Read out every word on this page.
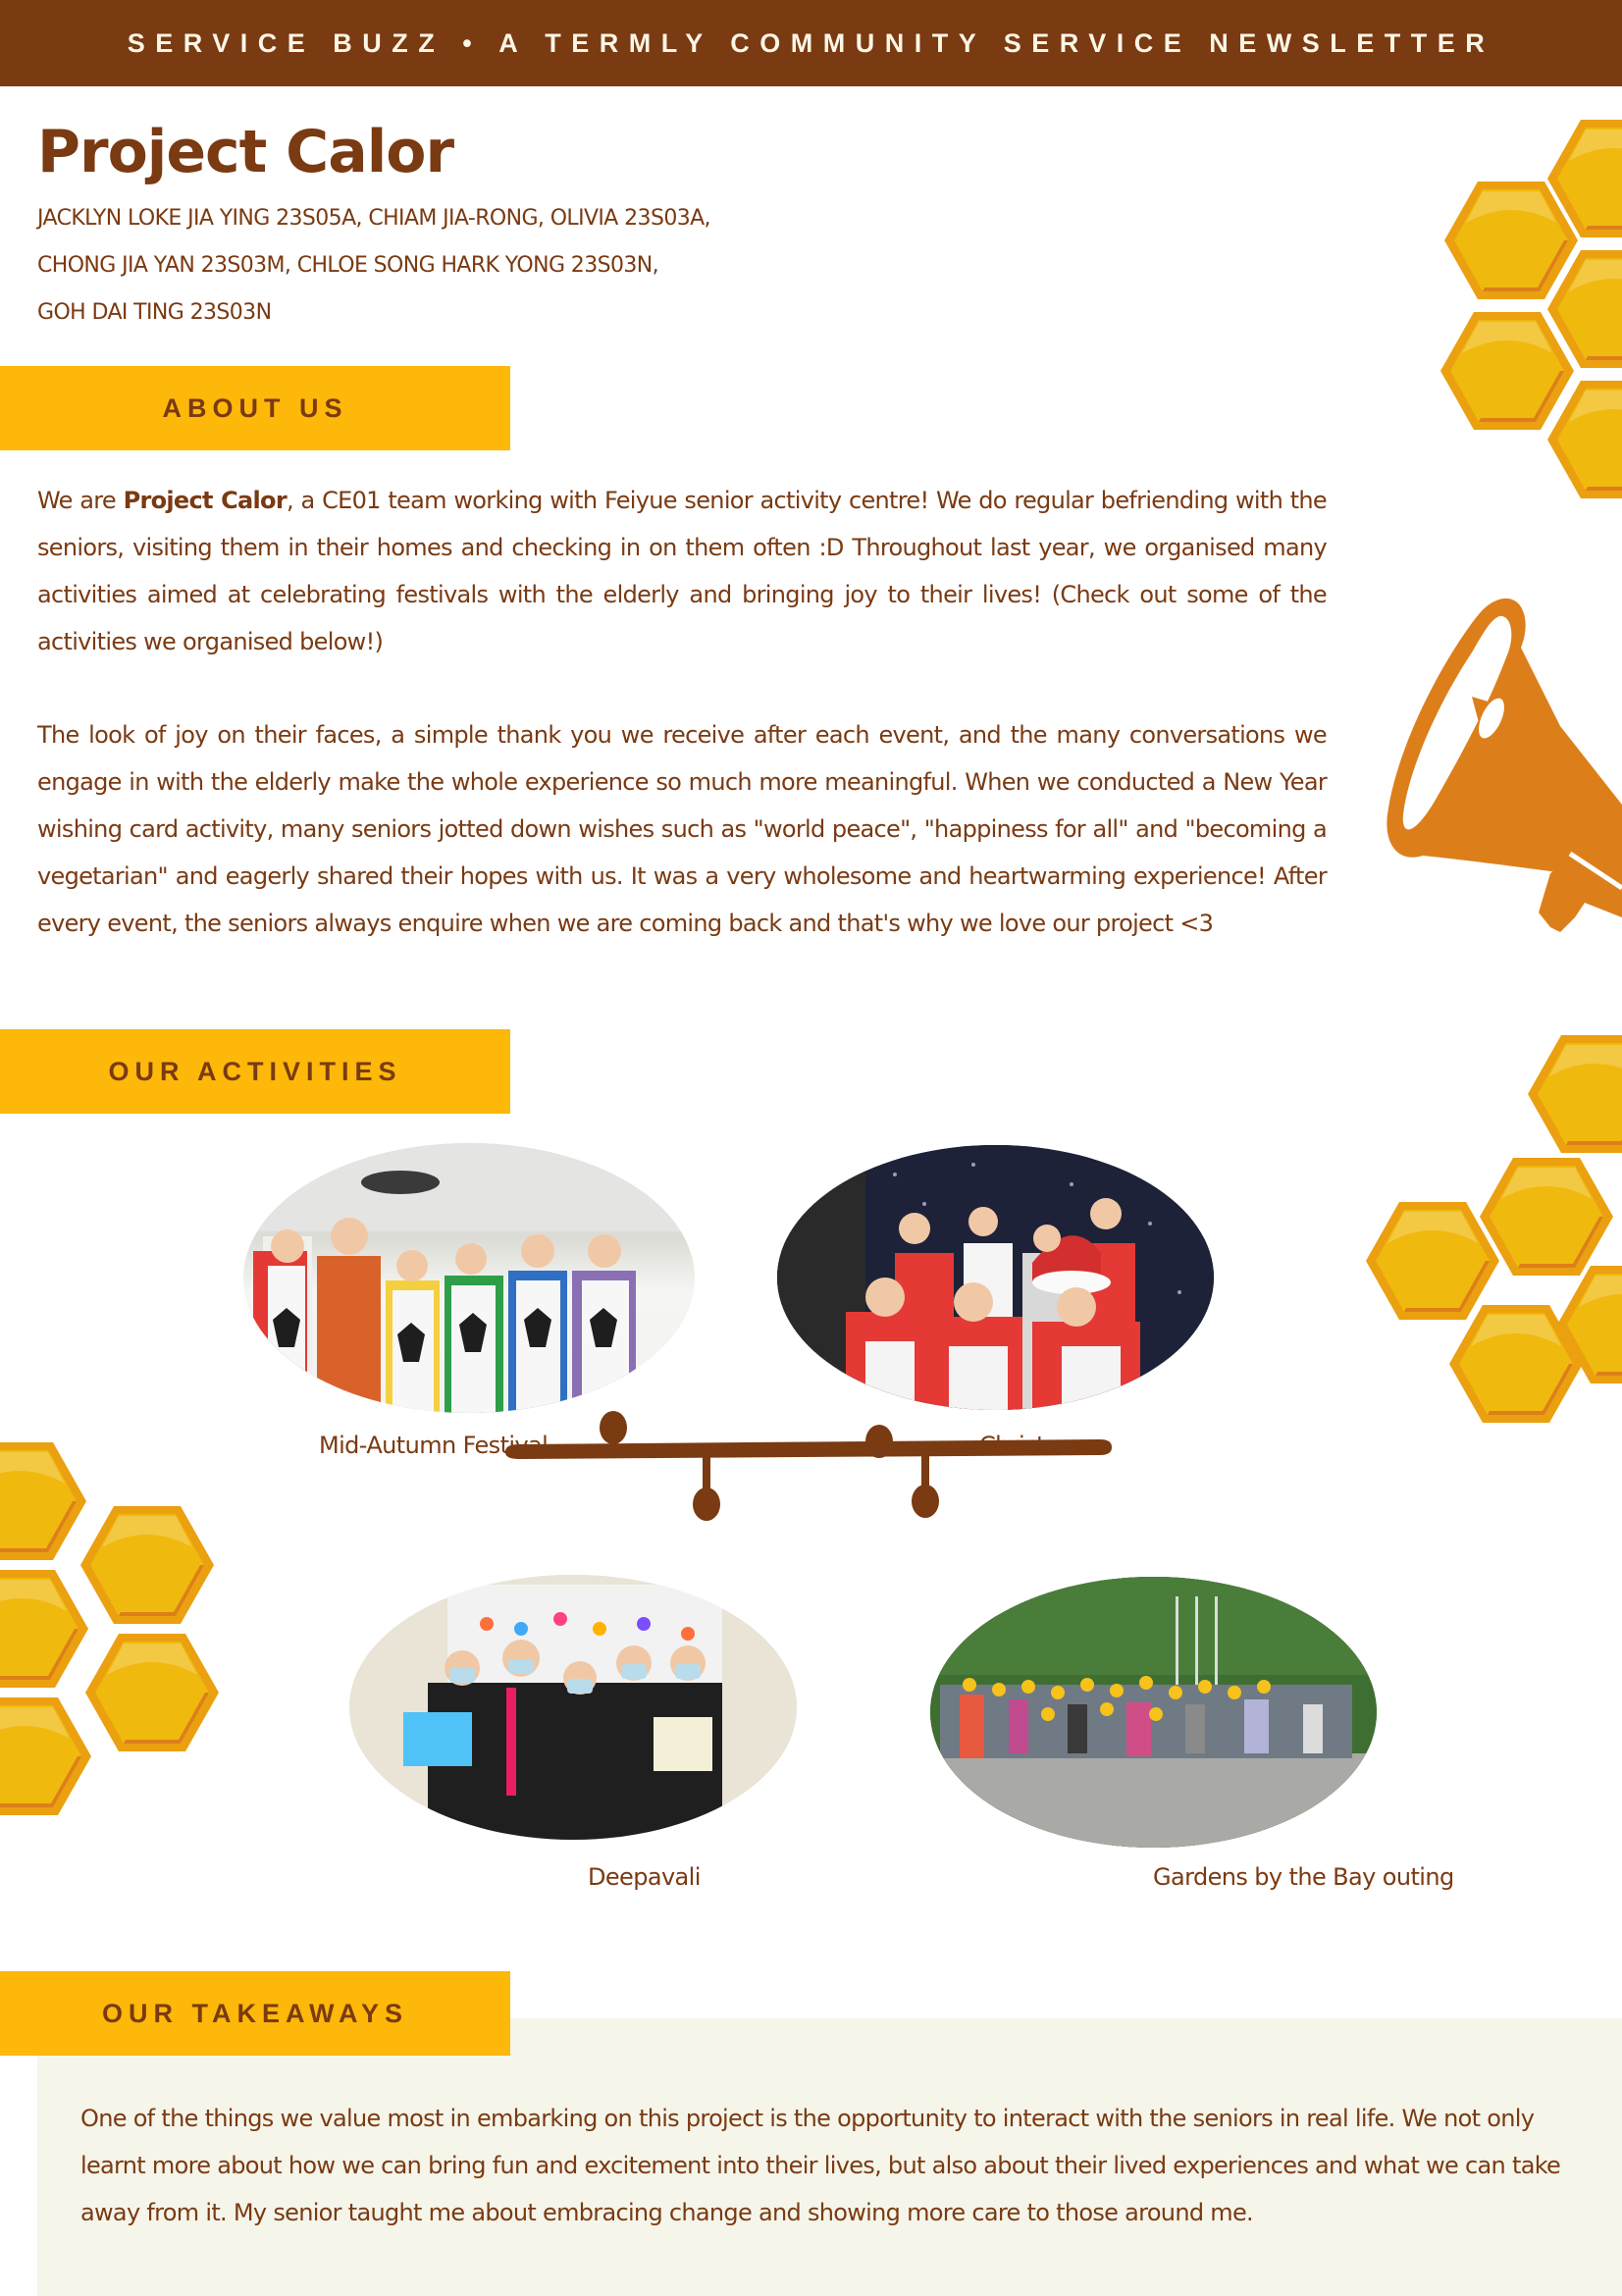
SERVICE BUZZ • A TERMLY COMMUNITY SERVICE NEWSLETTER
Project Calor
JACKLYN LOKE JIA YING 23S05A, CHIAM JIA-RONG, OLIVIA 23S03A,
CHONG JIA YAN 23S03M, CHLOE SONG HARK YONG 23S03N,
GOH DAI TING 23S03N
ABOUT US
We are Project Calor, a CE01 team working with Feiyue senior activity centre! We do regular befriending with the seniors, visiting them in their homes and checking in on them often :D Throughout last year, we organised many activities aimed at celebrating festivals with the elderly and bringing joy to their lives! (Check out some of the activities we organised below!)
The look of joy on their faces, a simple thank you we receive after each event, and the many conversations we engage in with the elderly make the whole experience so much more meaningful. When we conducted a New Year wishing card activity, many seniors jotted down wishes such as "world peace", "happiness for all" and "becoming a vegetarian" and eagerly shared their hopes with us. It was a very wholesome and heartwarming experience! After every event, the seniors always enquire when we are coming back and that's why we love our project <3
OUR ACTIVITIES
Mid-Autumn Festival	Christmas
Deepavali	Gardens by the Bay outing
OUR TAKEAWAYS
One of the things we value most in embarking on this project is the opportunity to interact with the seniors in real life. We not only learnt more about how we can bring fun and excitement into their lives, but also about their lived experiences and what we can take away from it. My senior taught me about embracing change and showing more care to those around me.
